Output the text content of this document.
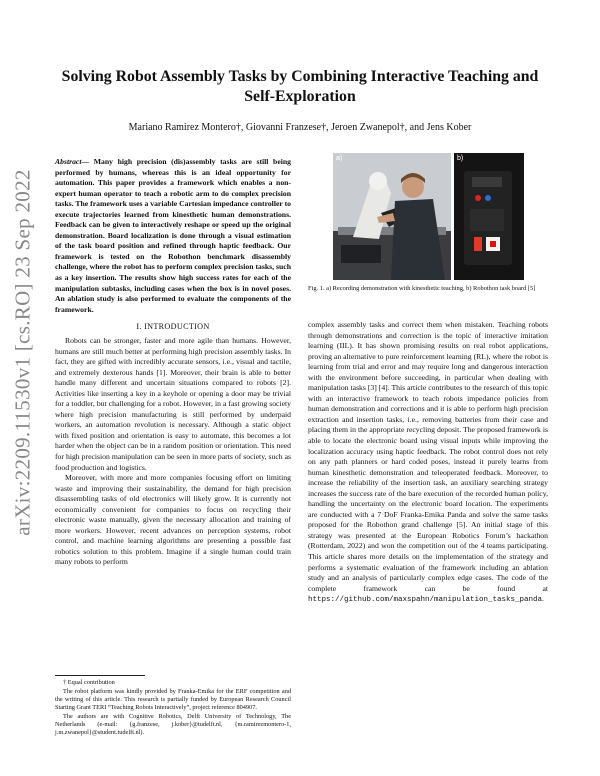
arXiv:2209.11530v1 [cs.RO] 23 Sep 2022
Solving Robot Assembly Tasks by Combining Interactive Teaching and
Self-Exploration
Mariano Ramirez Montero†, Giovanni Franzese†, Jeroen Zwanepol†, and Jens Kober
Abstract— Many high precision (dis)assembly tasks are still being performed by humans, whereas this is an ideal opportunity for automation. This paper provides a framework which enables a non-expert human operator to teach a robotic arm to do complex precision tasks. The framework uses a variable Cartesian impedance controller to execute trajectories learned from kinesthetic human demonstrations. Feedback can be given to interactively reshape or speed up the original demonstration. Board localization is done through a visual estimation of the task board position and refined through haptic feedback. Our framework is tested on the Robothon benchmark disassembly challenge, where the robot has to perform complex precision tasks, such as a key insertion. The results show high success rates for each of the manipulation subtasks, including cases when the box is in novel poses. An ablation study is also performed to evaluate the components of the framework.
I. INTRODUCTION

Robots can be stronger, faster and more agile than humans. However, humans are still much better at performing high precision assembly tasks. In fact, they are gifted with incredibly accurate sensors, i.e., visual and tactile, and extremely dexterous hands [1]. Moreover, their brain is able to better handle many different and uncertain situations compared to robots [2]. Activities like inserting a key in a keyhole or opening a door may be trivial for a toddler, but challenging for a robot. However, in a fast growing society where high precision manufacturing is still performed by underpaid workers, an automation revolution is necessary. Although a static object with fixed position and orientation is easy to automate, this becomes a lot harder when the object can be in a random position or orientation. This need for high precision manipulation can be seen in more parts of society, such as food production and logistics.

Moreover, with more and more companies focusing effort on limiting waste and improving their sustainability, the demand for high precision disassembling tasks of old electronics will likely grow. It is currently not economically convenient for companies to focus on recycling their electronic waste manually, given the necessary allocation and training of more workers. However, recent advances on perception systems, robot control, and machine learning algorithms are presenting a possible fast robotics solution to this problem. Imagine if a single human could train many robots to perform

† Equal contribution

The robot platform was kindly provided by Franka-Emika for the ERF competition and the writing of this article. This research is partially funded by European Research Council Starting Grant TERI “Teaching Robots Interactively”, project reference 804907.

The authors are with Cognitive Robotics, Delft University of Technology, The Netherlands (e-mail: {g.franzese, j.kober}@tudelft.nl, {m.ramirezmontero-1, j.m.zwanepol}@student.tudelft.nl).

a)	b)
Fig. 1. a) Recording demonstration with kinesthetic teaching, b) Robothon task board [5]

complex assembly tasks and correct them when mistaken. Teaching robots through demonstrations and correction is the topic of interactive imitation learning (IIL). It has shown promising results on real robot applications, proving an alternative to pure reinforcement learning (RL), where the robot is learning from trial and error and may require long and dangerous interaction with the environment before succeeding, in particular when dealing with manipulation tasks [3] [4]. This article contributes to the research of this topic with an interactive framework to teach robots impedance policies from human demonstration and corrections and it is able to perform high precision extraction and insertion tasks, i.e., removing batteries from their case and placing them in the appropriate recycling deposit. The proposed framework is able to locate the electronic board using visual inputs while improving the localization accuracy using haptic feedback. The robot control does not rely on any path planners or hard coded poses, instead it purely learns from human kinesthetic demonstration and teleoperated feedback. Moreover, to increase the reliability of the insertion task, an auxiliary searching strategy increases the success rate of the bare execution of the recorded human policy, handling the uncertainty on the electronic board location. The experiments are conducted with a 7 DoF Franka-Emika Panda and solve the same tasks proposed for the Robothon grand challenge [5]. An initial stage of this strategy was presented at the European Robotics Forum’s hackathon (Rotterdam, 2022) and won the competition out of the 4 teams participating. This article shares more details on the implementation of the strategy and performs a systematic evaluation of the framework including an ablation study and an analysis of particularly complex edge cases. The code of the complete framework can be found at https://github.com/maxspahn/manipulation_tasks_panda.
